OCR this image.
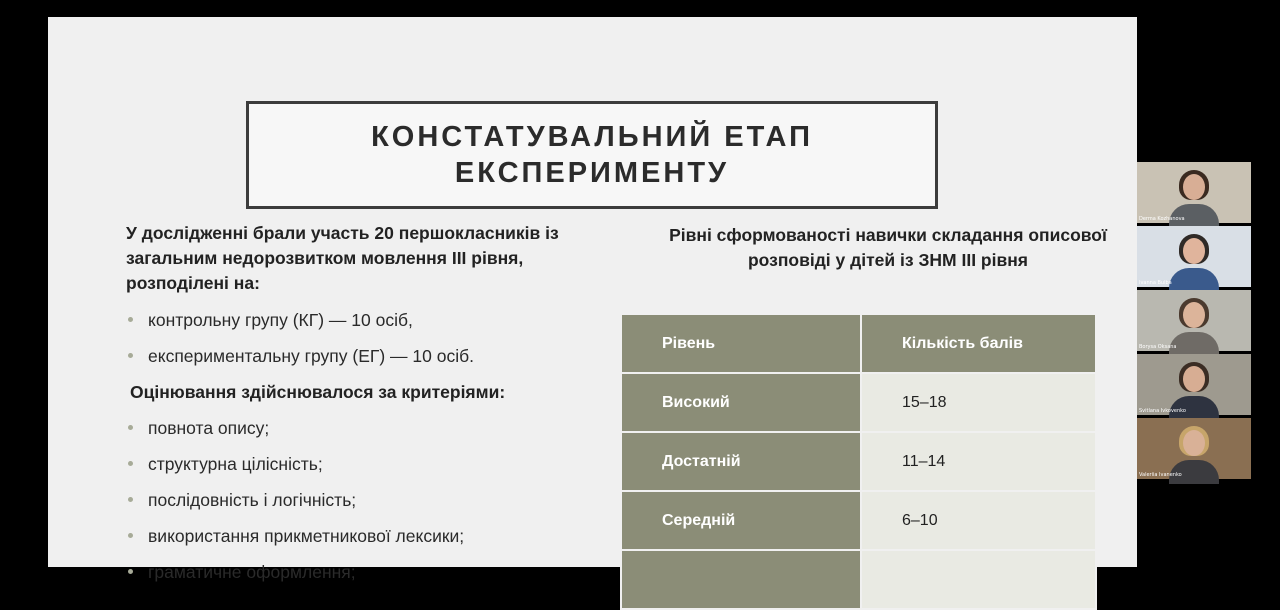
КОНСТАТУВАЛЬНИЙ ЕТАП
ЕКСПЕРИМЕНТУ

У дослідженні брали участь 20 першокласників із
загальним недорозвитком мовлення ІІІ рівня,
розподілені на:

контрольну групу (КГ) — 10 осіб,
експериментальну групу (ЕГ) — 10 осіб.
Оцінювання здійснювалося за критеріями:
повнота опису;
структурна цілісність;
послідовність і логічність;
використання прикметникової лексики;
граматичне оформлення;
Рівні сформованості навички складання описової
розповіді у дітей із ЗНМ ІІІ рівня
Рівень	Кількість балів
Високий	15–18
Достатній	11–14
Середній	6–10

Derma Kozhanova
Ivanna Bulba
Borysa Oksana
Svitlana Ivkovenko
Valeriia Ivanenko
